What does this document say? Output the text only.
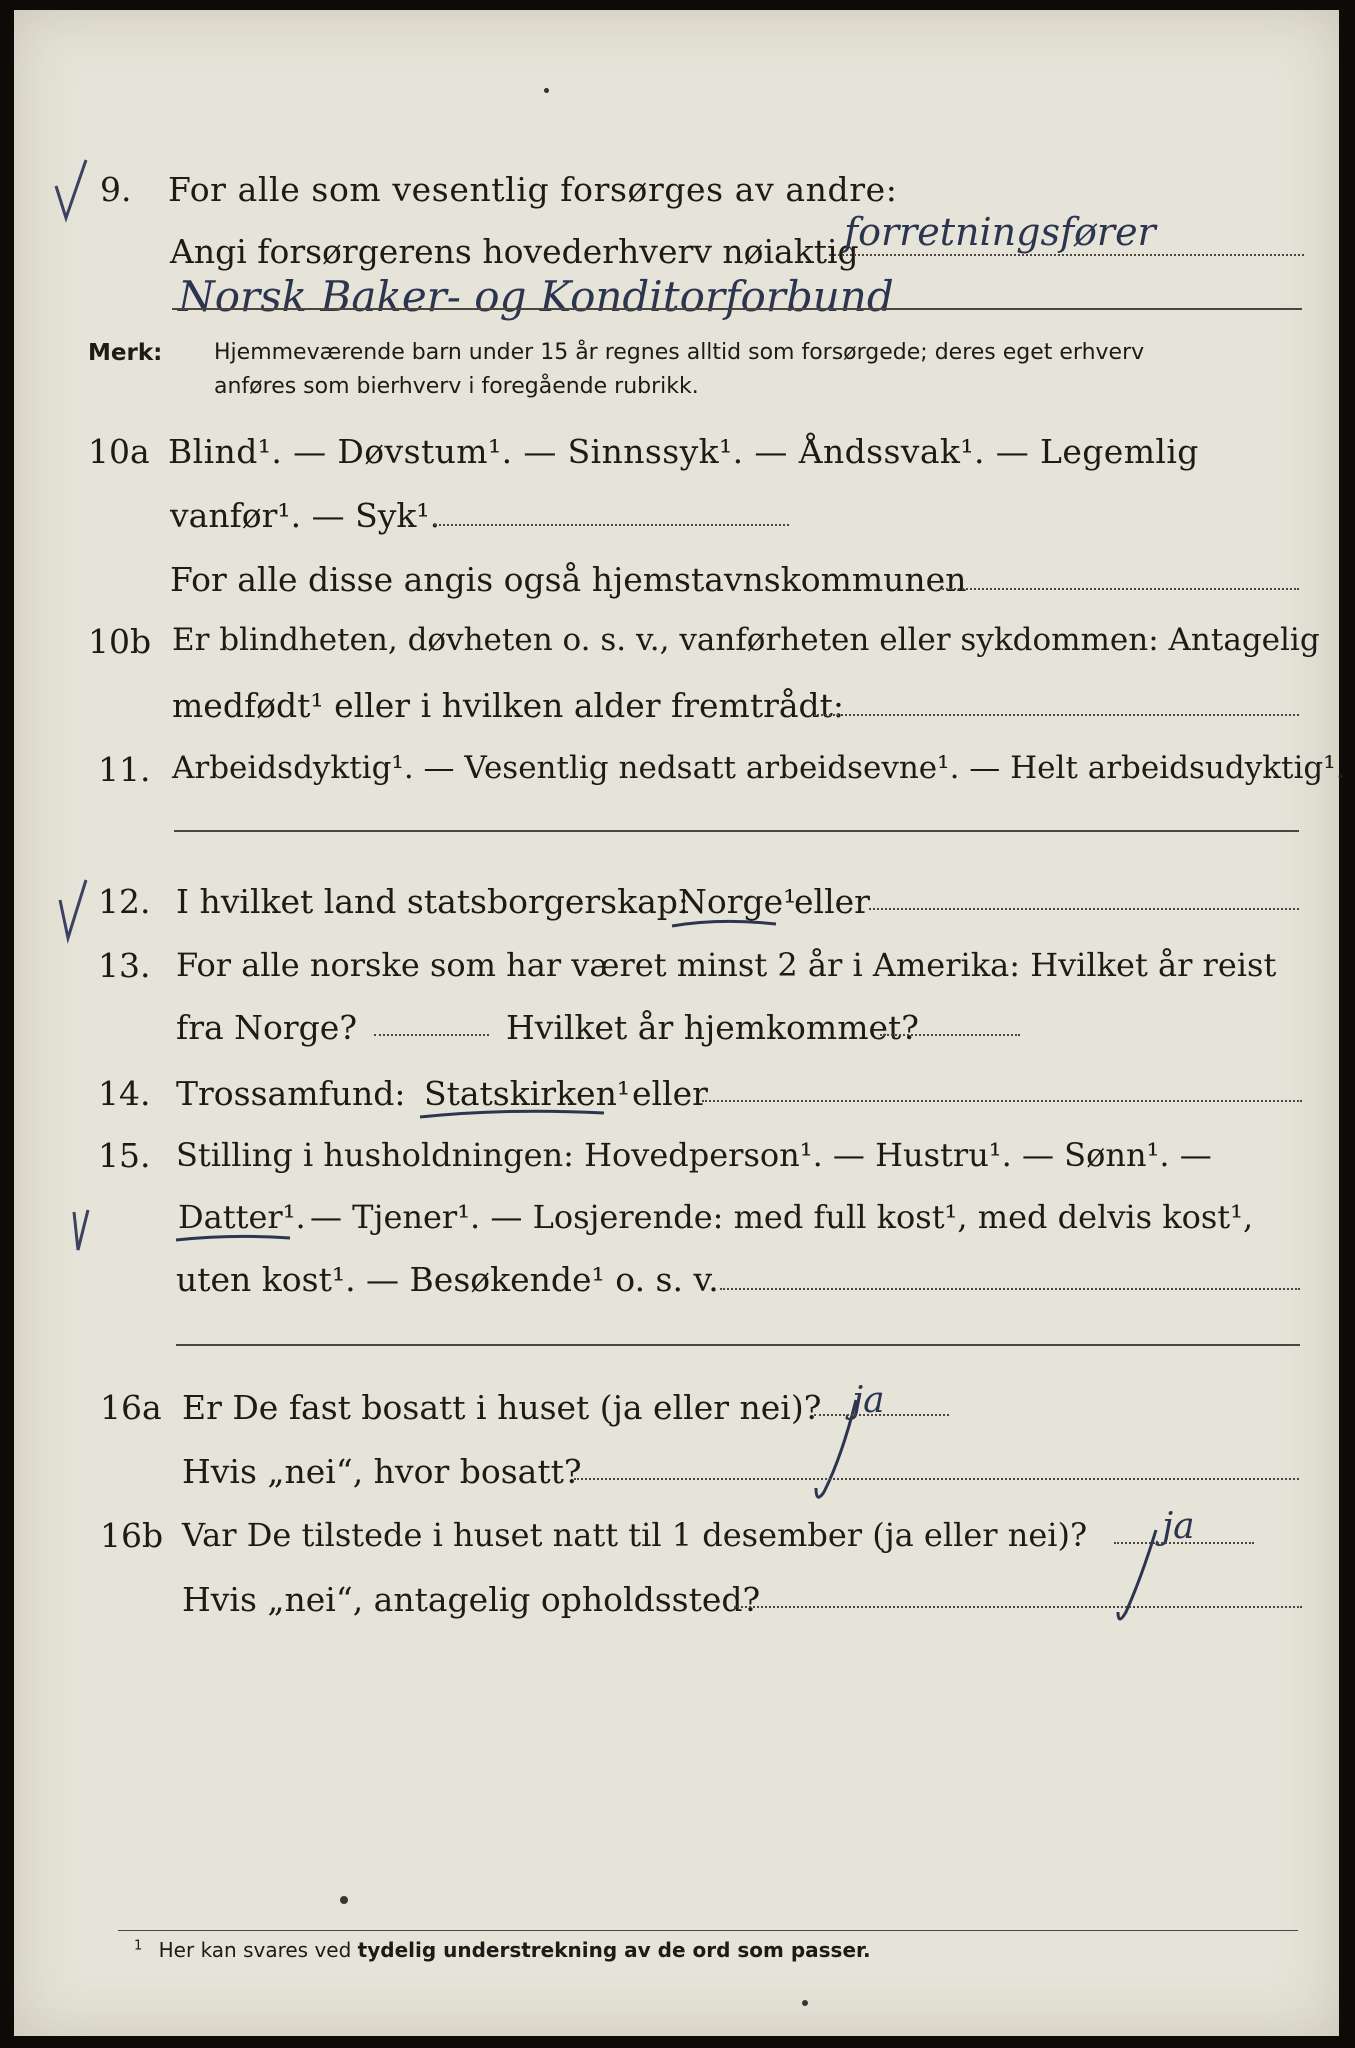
9. For alle som vesentlig forsørges av andre:
Angi forsørgerens hovederhverv nøiaktig
forretningsfører
Norsk Baker- og Konditorforbund
Merk: Hjemmeværende barn under 15 år regnes alltid som forsørgede; deres eget erhverv
anføres som bierhverv i foregående rubrikk.
10a Blind¹. — Døvstum¹. — Sinnssyk¹. — Åndssvak¹. — Legemlig
vanfør¹. — Syk¹.
For alle disse angis også hjemstavnskommunen
10b Er blindheten, døvheten o. s. v., vanførheten eller sykdommen: Antagelig
medfødt¹ eller i hvilken alder fremtrådt:
11. Arbeidsdyktig¹. — Vesentlig nedsatt arbeidsevne¹. — Helt arbeidsudyktig¹.
12. I hvilket land statsborgerskap:
Norge¹
eller
13. For alle norske som har været minst 2 år i Amerika: Hvilket år reist
fra Norge?	Hvilket år hjemkommet?
14. Trossamfund: Statskirken¹ eller
15. Stilling i husholdningen: Hovedperson¹. — Hustru¹. — Sønn¹. —
Datter¹. — Tjener¹. — Losjerende: med full kost¹, med delvis kost¹,
uten kost¹. — Besøkende¹ o. s. v.
16a Er De fast bosatt i huset (ja eller nei)? ja
Hvis „nei“, hvor bosatt?
16b Var De tilstede i huset natt til 1 desember (ja eller nei)? ja
Hvis „nei“, antagelig opholdssted?
$^1$ Her kan svares ved tydelig understrekning av de ord som passer.
